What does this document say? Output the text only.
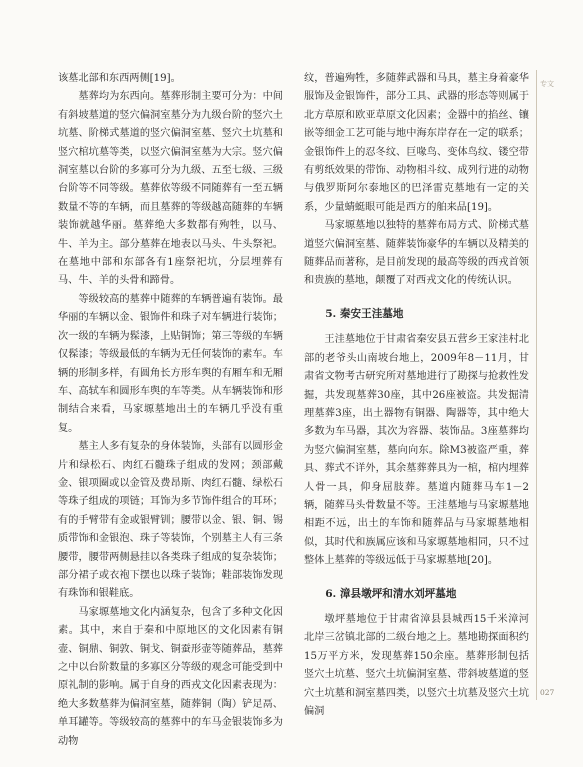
该墓北部和东西两侧[19]。

墓葬均为东西向。墓葬形制主要可分为：中间有斜坡墓道的竖穴偏洞室墓分为九级台阶的竖穴土坑墓、阶梯式墓道的竖穴偏洞室墓、竖穴土坑墓和竖穴棺坑墓等类，以竖穴偏洞室墓为大宗。竖穴偏洞室墓以台阶的多寡可分为九级、五至七级、三级台阶等不同等级。墓葬依等级不同随葬有一至五辆数量不等的车辆，而且墓葬的等级越高随葬的车辆装饰就越华丽。墓葬绝大多数都有殉牲，以马、牛、羊为主。部分墓葬在地表以马头、牛头祭祀。在墓地中部和东部各有1座祭祀坑，分层埋葬有马、牛、羊的头骨和蹄骨。

等级较高的墓葬中随葬的车辆普遍有装饰。最华丽的车辆以金、银饰件和珠子对车辆进行装饰；次一级的车辆为髹漆，上贴铜饰；第三等级的车辆仅髹漆；等级最低的车辆为无任何装饰的素车。车辆的形制多样，有圆角长方形车舆的有厢车和无厢车、高轼车和圆形车舆的车等类。从车辆装饰和形制结合来看，马家塬墓地出土的车辆几乎没有重复。

墓主人多有复杂的身体装饰，头部有以圆形金片和绿松石、肉红石髓珠子组成的发网；颈部戴金、银项圈或以金管及费昂斯、肉红石髓、绿松石等珠子组成的项链；耳饰为多节饰件组合的耳环；有的手臂带有金或银臂钏；腰带以金、银、铜、锡质带饰和金银泡、珠子等装饰，个别墓主人有三条腰带，腰带两侧悬挂以各类珠子组成的复杂装饰；部分裙子或衣袍下摆也以珠子装饰；鞋部装饰发现有珠饰和银鞋底。

马家塬墓地文化内涵复杂，包含了多种文化因素。其中，来自于秦和中原地区的文化因素有铜壶、铜鼎、铜敦、铜戈、铜蚕形壶等随葬品，墓葬之中以台阶数量的多寡区分等级的观念可能受到中原礼制的影响。属于自身的西戎文化因素表现为：绝大多数墓葬为偏洞室墓，随葬铜（陶）铲足鬲、单耳罐等。等级较高的墓葬中的车马金银装饰多为动物

纹，普遍殉牲，多随葬武器和马具，墓主身着豪华服饰及金银饰件，部分工具、武器的形态等则属于北方草原和欧亚草原文化因素；金器中的掐丝、镶嵌等细金工艺可能与地中海东岸存在一定的联系；金银饰件上的忍冬纹、巨喙鸟、变体鸟纹、镂空带有剪纸效果的带饰、动物相斗纹、成列行进的动物与俄罗斯阿尔泰地区的巴泽雷克墓地有一定的关系，少量蜻蜓眼可能是西方的舶来品[19]。

马家塬墓地以独特的墓葬布局方式、阶梯式墓道竖穴偏洞室墓、随葬装饰豪华的车辆以及精美的随葬品而著称，是目前发现的最高等级的西戎首领和贵族的墓地，颠覆了对西戎文化的传统认识。

5. 秦安王洼墓地

王洼墓地位于甘肃省秦安县五营乡王家洼村北部的老爷头山南坡台地上，2009年8－11月，甘肃省文物考古研究所对墓地进行了勘探与抢救性发掘，共发现墓葬30座，其中26座被盗。共发掘清理墓葬3座，出土器物有铜器、陶器等，其中绝大多数为车马器，其次为容器、装饰品。3座墓葬均为竖穴偏洞室墓，墓向向东。除M3被盗严重，葬具、葬式不详外，其余墓葬葬具为一棺，棺内埋葬人骨一具，仰身屈肢葬。墓道内随葬马车1－2辆，随葬马头骨数量不等。王洼墓地与马家塬墓地相距不远，出土的车饰和随葬品与马家塬墓地相似，其时代和族属应该和马家塬墓地相同，只不过整体上墓葬的等级远低于马家塬墓地[20]。

6. 漳县墩坪和清水刘坪墓地

墩坪墓地位于甘肃省漳县县城西15千米漳河北岸三岔镇北部的二级台地之上。墓地勘探面积约15万平方米，发现墓葬150余座。墓葬形制包括竖穴土坑墓、竖穴土坑偏洞室墓、带斜坡墓道的竖穴土坑墓和洞室墓四类，以竖穴土坑墓及竖穴土坑偏洞

专文
027
